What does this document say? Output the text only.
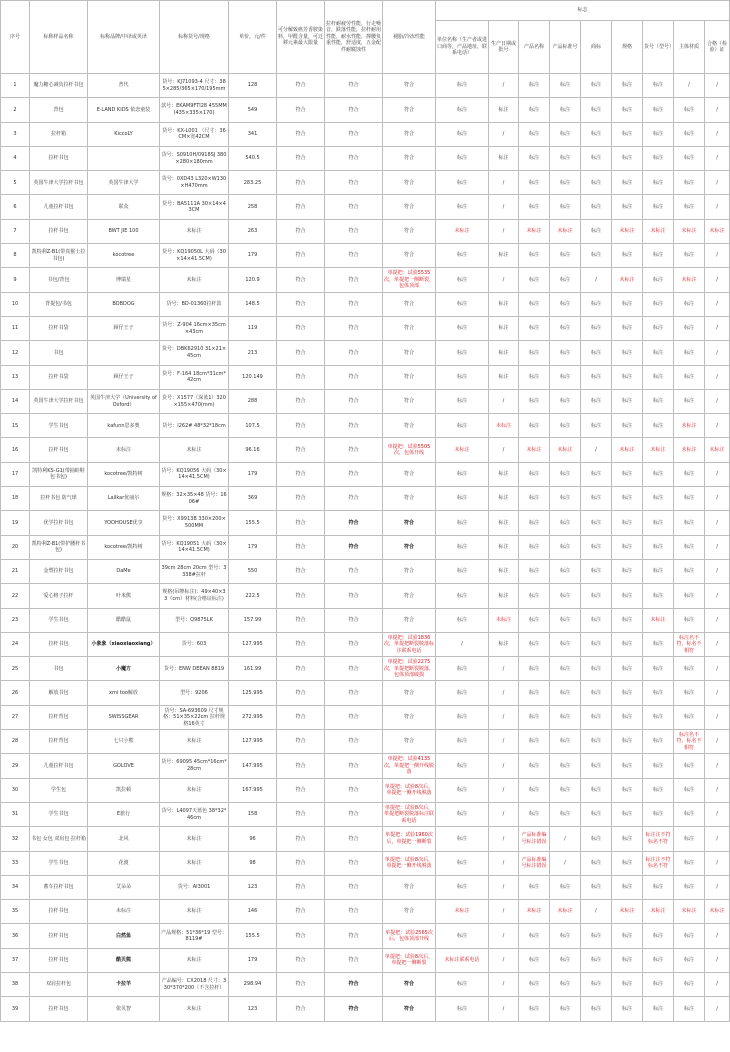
序号	标称样品名称	标称品牌/中译或英译	标称货号/规格	单价，元/件	可分解致癌芳香胺染料，甲醛含量，可迁移元素最大限量	拉杆耐疲劳性能，行走噪音，跌落性能，拉杆耐用性能，耐水性能，撑腰负重性能，舒适度，五金配件耐腐蚀性	褪脂/冷冻性能	标志								
								单位名称（生产者或进口商等，产品地址，联系电话）	生产日期或批号	产品名称	产品标准号	商标	规格	货号（型号）	主体材质	合格（检验）证
1	魔力糖心减负拉杆书包	普代	货号：KJ71093-4 尺寸：385×285/365×170/195mm	128	符合	符合	符合	标注	/	标注	标注	标注	标注	标注	/	/
2	背包	E·LAND KIDS 依恋童装	款号：EKAM9FTI28 455MM(435×335×170)	549	符合	符合	符合	标注	标注	标注	标注	标注	标注	标注	标注	/
3	拉杆箱	KiccoLY	货号：KX-L001 （尺寸：36CM×宽42CM	341	符合	符合	符合	标注	/	标注	标注	标注	标注	标注	标注	/
4	拉杆书包		货号：S0910H/0918SJ 380×280×180mm	540.5	符合	符合	符合	标注	标注	标注	标注	标注	标注	标注	标注	/
5	英国牛津大学拉杆书包	英国牛津大学	货号：0XD43 L320×W130×H470mm	283.25	符合	符合	符合	标注	/	标注	标注	标注	标注	标注	标注	/
6	儿童拉杆书包	联众	货号：BA5111A 30×14×43CM	258	符合	符合	符合	标注	/	标注	标注	标注	标注	标注	标注	/
7	拉杆书包	BWT JIE 100	未标注	263	符合	符合	符合	未标注	/	未标注	未标注	标注	未标注	未标注	未标注	未标注
8	凯特利Z-B1(带真猴士拉书包)	kocotree	货号：KQ19050L 大码（30×14×41.5CM)	179	符合	符合	符合	标注	标注	标注	标注	标注	标注	标注	标注	/
9	书包/背包	博瑞星	未标注	120.9	符合	符合	单提把：试验5535次，单提把一侧断裂，包体顶部	标注	/	标注	标注	/	未标注	标注	未标注	/
10	背提包/书包	BOBDOG	货号：BD-01360拉杆款	148.5	符合	符合	符合	标注	标注	标注	标注	标注	标注	标注	标注	/
11	拉杆书袋	顾仔王子	货号：Z-904 16cm×35cm×43cm	119	符合	符合	符合	标注	标注	标注	标注	标注	标注	标注	标注	/
12	书包		货号：DBK62910 31×21×45cm	213	符合	符合	符合	标注	标注	标注	标注	标注	标注	标注	标注	/
13	拉杆书袋	顾仔王子	货号：F-164 18cm*31cm*42cm	120.149	符合	符合	符合	标注	标注	标注	标注	标注	标注	标注	标注	/
14	英国牛津大学拉杆书包	英国牛津大学（University of Oxford）	货号：X1577（深蓝1）320×155×470(mm)	288	符合	符合	符合	标注	/	标注	标注	标注	标注	标注	标注	/
15	学生书包	kafunn思多奥	货号：I262# 48*32*18cm	107.5	符合	符合	符合	标注	未标注	标注	标注	标注	标注	标注	未标注	/
16	拉杆书包	未标注	未标注	96.16	符合	符合	单提把：试验5505次，包体开线	未标注	/	未标注	未标注	/	未标注	未标注	未标注	未标注
17	凯特利KS-G1(带抽蛙鞋包书包)	kocotree/凯特树	货号：KQ19056 大码（30×14×41.5CM)	179	符合	符合	符合	标注	标注	标注	标注	标注	标注	标注	标注	/
18	拉杆书包 防气球	Lailkar优丽尔	规格：32×35×48 货号：1606#	369	符合	符合	符合	标注	标注	标注	标注	标注	标注	标注	标注	/
19	优学拉杆书包	YOOHOUSE优享	货号：X9913B 330×200×500MM	155.5	符合	符合	符合	标注	标注	标注	标注	标注	标注	标注	标注	/
20	凯特利Z-B1(带护腰杆书包)	kocotree/凯特树	货号：KQ19051 大码（30×14×41.5CM)	179	符合	符合	符合	标注	标注	标注	标注	标注	标注	标注	标注	/
21	金塑拉杆书包	DaMe	39cm 28cm 20cm 型号：3338#拉杆	550	符合	符合	符合	标注	标注	标注	标注	标注	标注	标注	标注	/
22	爱心格子拉杆	叶米熊	规格(吊牌标注)：49×40×33（cm）材料(合格证标注)	222.5	符合	符合	符合	标注	标注	标注	标注	标注	标注	标注	标注	/
23	学生书包	酷酷鼠	型号：Q9875LK	157.99	符合	符合	符合	标注	未标注	标注	标注	标注	标注	未标注	标注	/
24	拉杆书包	小象象（xiaoxiaoxiang）	货号：603	127.995	符合	符合	单提把：试验1836次，单提把断裂脱落标注联系电话	/	标注	标注	标注	标注	标注	标注	标注名不符，标名不相符	/
25	书包	小魔方	货号：ENW DEEAN 8819	161.99	符合	符合	单提把：试验2275次，单提把断裂脱落，包体顶部破损	标注	/	标注	标注	标注	标注	标注	标注	/
26	解放书包	xmi too解放	型号：9206	125.995	符合	符合	符合	标注	/	标注	标注	标注	标注	标注	标注	/
27	拉杆背包	SWISSGEAR	货号：SA-693609 尺寸规格：51×35×22cm 拉杆规格16英寸	272.995	符合	符合	符合	标注	/	标注	标注	标注	标注	标注	标注	/
28	拉杆背包	七只小熊	未标注	127.995	符合	符合	符合	标注	/	标注	标注	标注	标注	标注	标注名不符，标名不相符	/
29	儿童拉杆书包	GOLOVE	货号：69095 45cm*16cm*28cm	147.995	符合	符合	单提把：试验4135次，单提把一侧开线脱落	标注	/	标注	标注	标注	标注	标注	标注	/
30	学生包	凯拉顿	未标注	167.995	符合	符合	单提把：试验8次后，单提把一侧开线脱落	标注	/	标注	标注	标注	标注	标注	标注	/
31	学生书包	E旅行	货号：L4097天蓝色 38*32*46cm	158	符合	符合	单提把：试验8次后，单提把断裂脱落标注联系电话	标注	/	标注	标注	标注	标注	标注	标注	/
32	书包 女包 双肩包 拉杆箱	北风	未标注	96	符合	符合	单提把：试验1960次后，单提把一侧断裂	标注	/	产品标准编号标注错误	/	标注	标注	标注注不符标名不符	标注	/
33	学生书包	花渡	未标注	98	符合	符合	单提把：试验8次后，单提把一侧开线脱落	标注	/	产品标准编号标注错误	/	标注	标注	标注注不符标名不符	标注	/
34	蓄车拉杆书包	艾朵朵	货号：AI3001	123	符合	符合	符合	标注	/	标注	标注	标注	标注	标注	标注	/
35	拉杆书包	未标注	未标注	146	符合	符合	符合	未标注	/	未标注	未标注	/	未标注	未标注	未标注	未标注
36	拉杆书包	白然鱼	产品规格：51*36*19 型号：8119#	155.5	符合	符合	单提把：试验2565次后，包体顶部开线	标注	/	标注	标注	标注	标注	标注	标注	/
37	拉杆书包	酷贝熊	未标注	179	符合	符合	单提把：试验8次后，单提把一侧断裂	未标注联系电话	/	标注	标注	标注	标注	标注	标注	/
38	双肩拉杆包	卡拉羊	产品编号：CX2018 尺寸：330*370*200（不含拉杆）	298.94	符合	符合	符合	标注	/	标注	标注	标注	标注	标注	标注	/
39	拉杆书包	依贝智	未标注	123	符合	符合	符合	标注	/	标注	标注	标注	标注	标注	标注	/
